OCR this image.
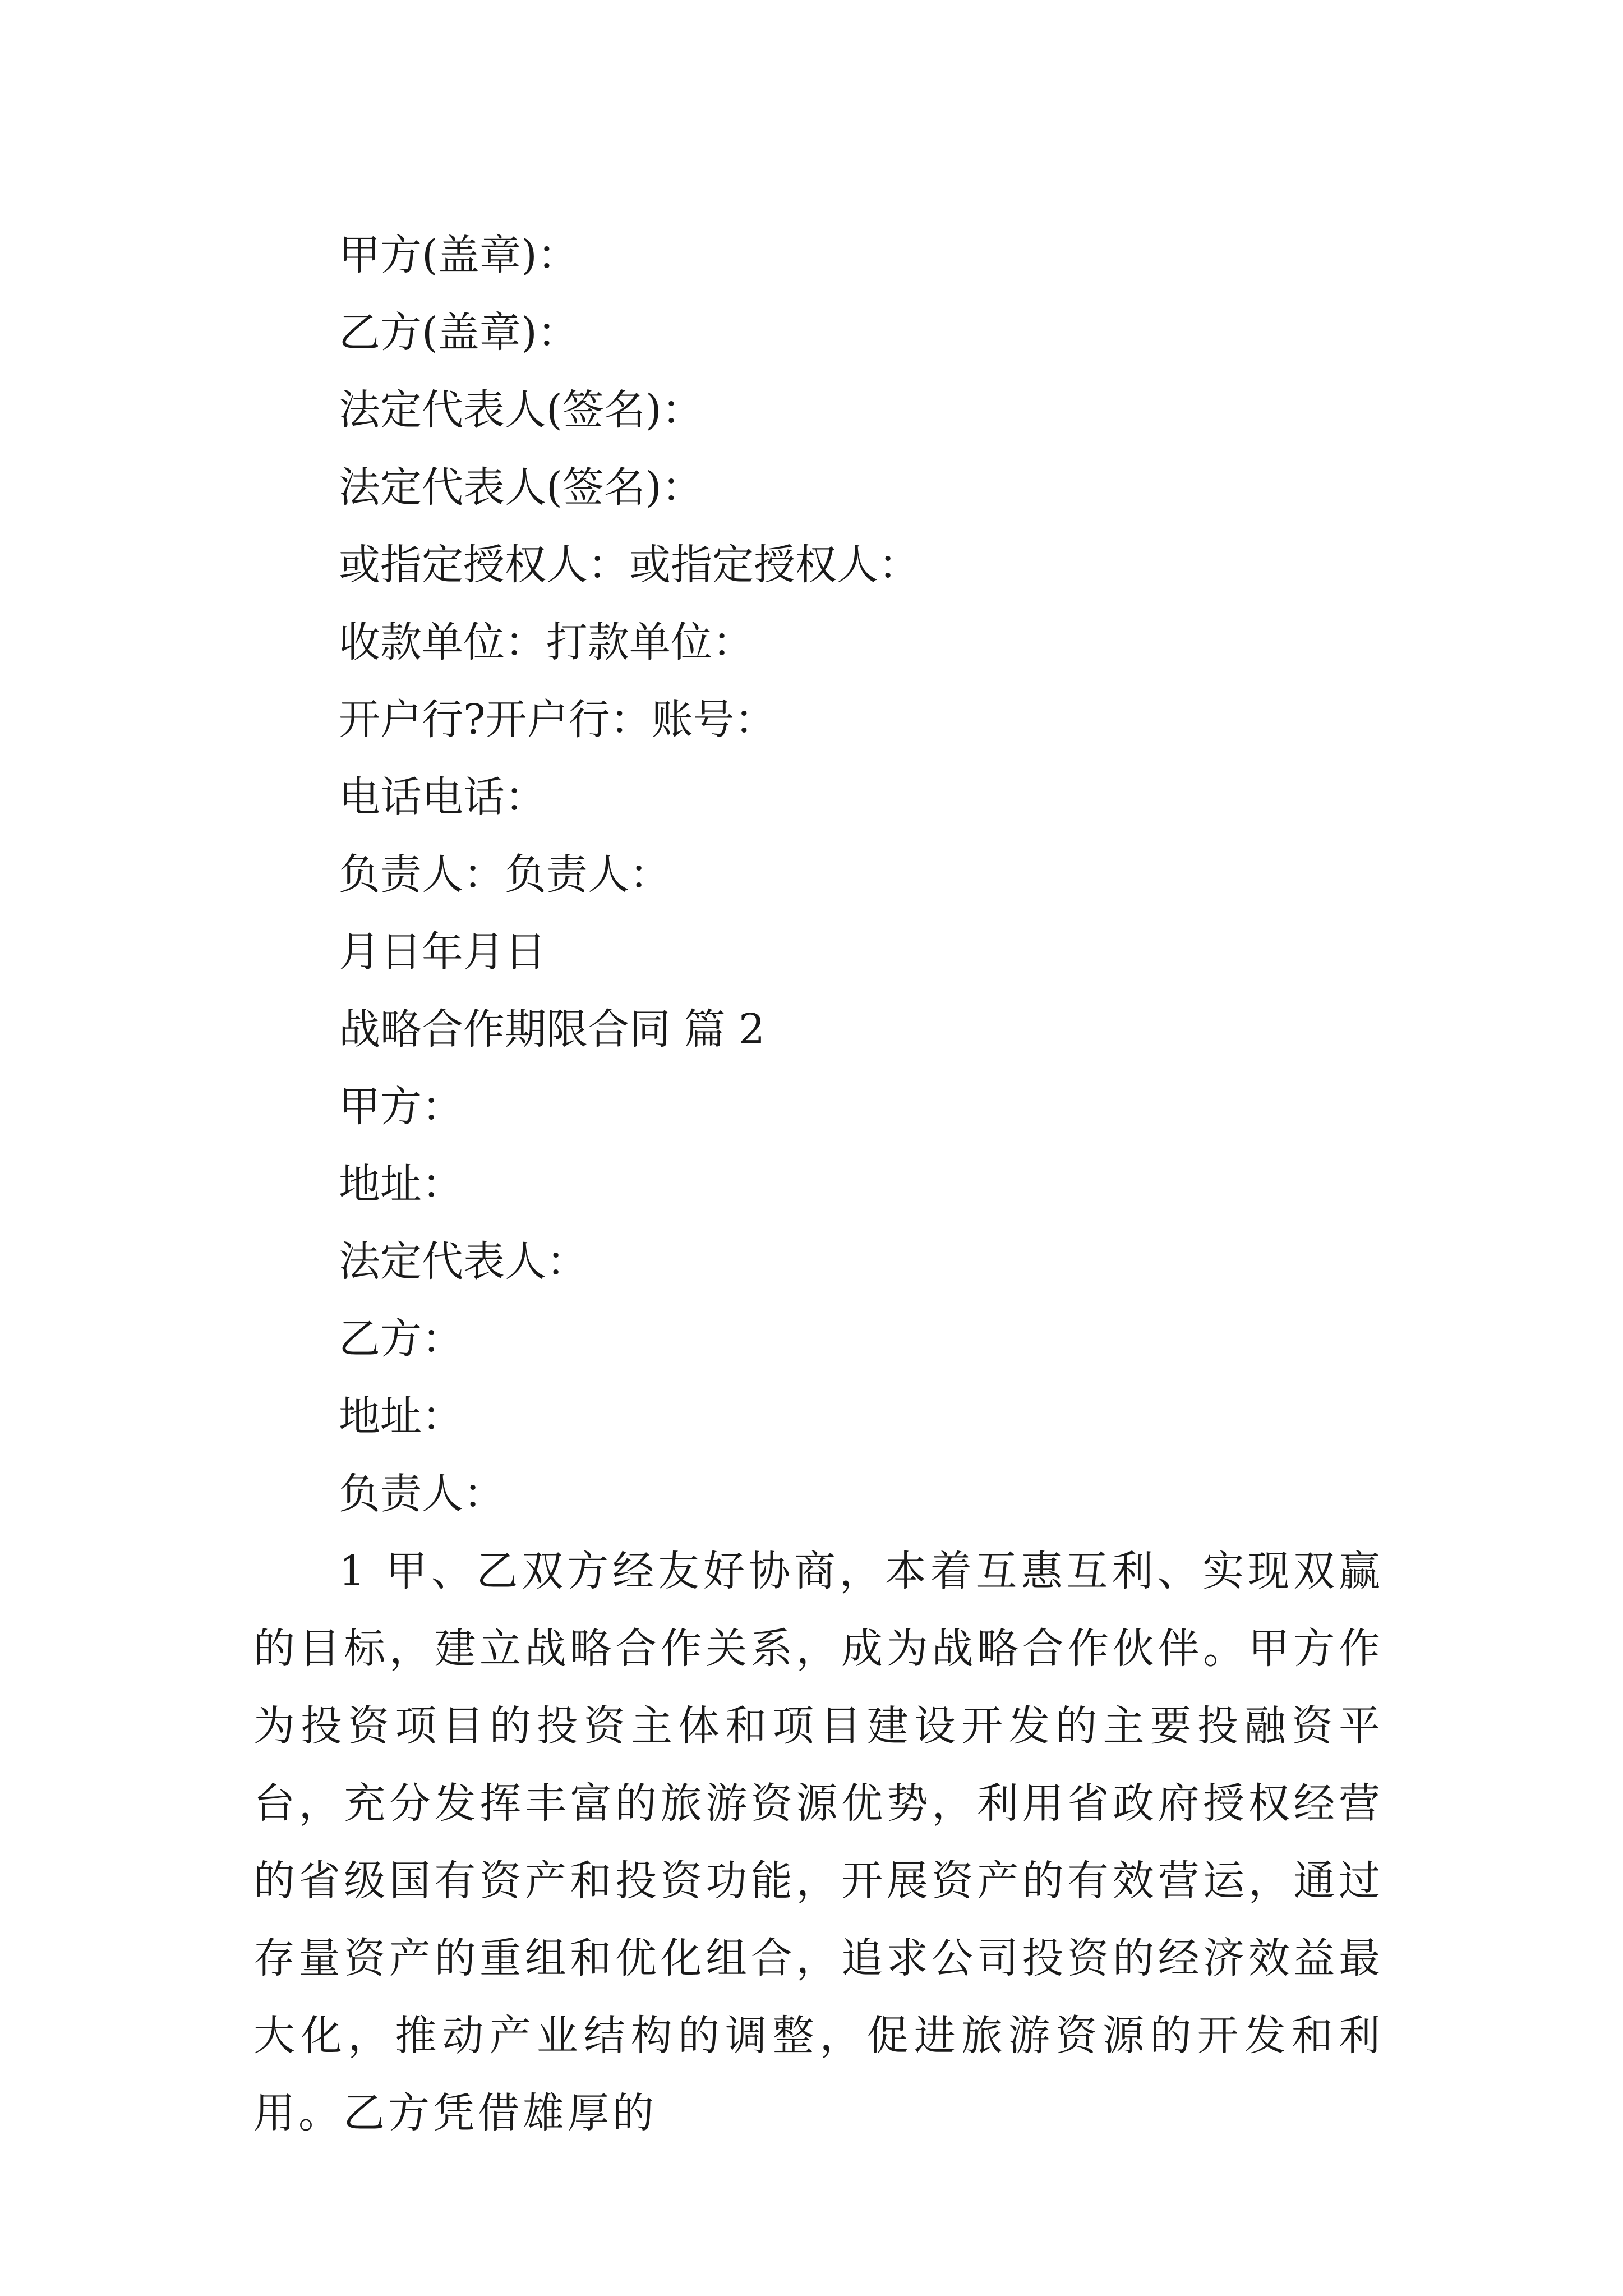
甲方(盖章)：

乙方(盖章)：

法定代表人(签名)：

法定代表人(签名)：

或指定授权人：或指定授权人：

收款单位：打款单位：

开户行?开户行：账号：

电话电话：

负责人：负责人：

月日年月日

战略合作期限合同 篇 2

甲方：

地址：

法定代表人：

乙方：

地址：

负责人：

1 甲、乙双方经友好协商，本着互惠互利、实现双赢的目标，建立战略合作关系，成为战略合作伙伴。甲方作为投资项目的投资主体和项目建设开发的主要投融资平台，充分发挥丰富的旅游资源优势，利用省政府授权经营的省级国有资产和投资功能，开展资产的有效营运，通过存量资产的重组和优化组合，追求公司投资的经济效益最大化，推动产业结构的调整，促进旅游资源的开发和利用。乙方凭借雄厚的
